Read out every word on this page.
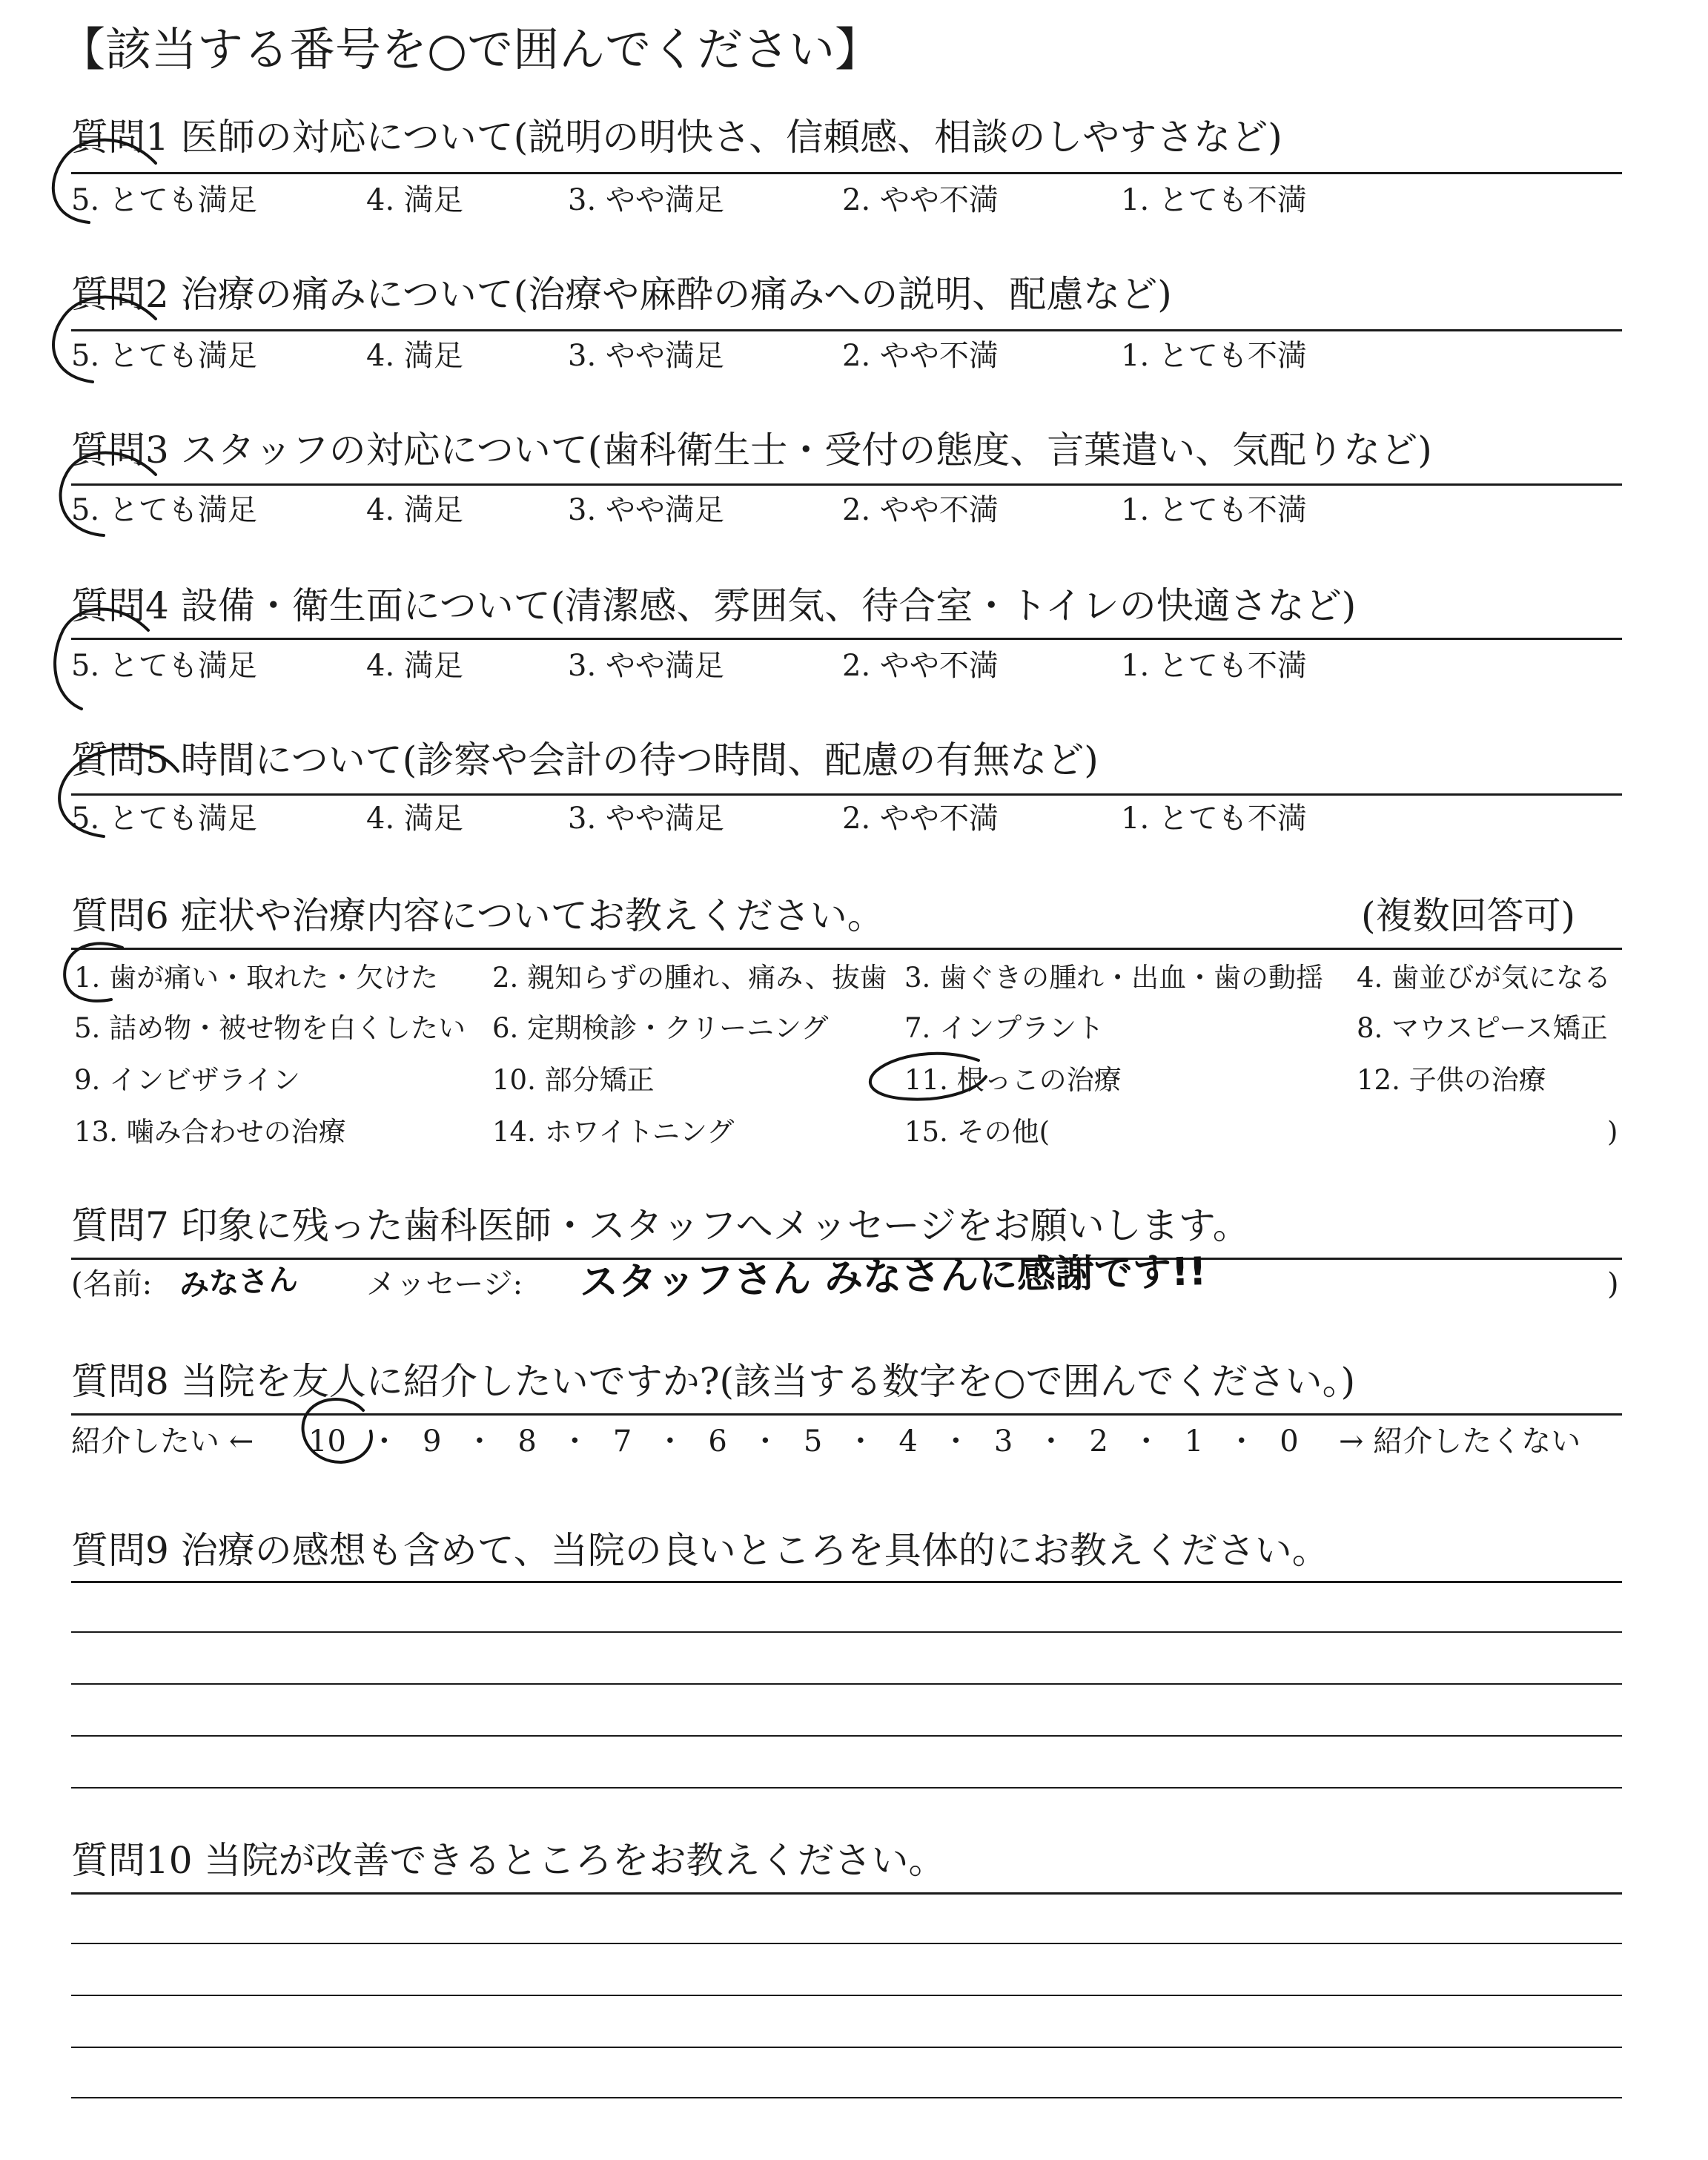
【該当する番号を○で囲んでください】
質問1 医師の対応について(説明の明快さ、信頼感、相談のしやすさなど)
5. とても満足	4. 満足	3. やや満足	2. やや不満	1. とても不満
質問2 治療の痛みについて(治療や麻酔の痛みへの説明、配慮など)
5. とても満足	4. 満足	3. やや満足	2. やや不満	1. とても不満
質問3 スタッフの対応について(歯科衛生士・受付の態度、言葉遣い、気配りなど)
5. とても満足	4. 満足	3. やや満足	2. やや不満	1. とても不満
質問4 設備・衛生面について(清潔感、雰囲気、待合室・トイレの快適さなど)
5. とても満足	4. 満足	3. やや満足	2. やや不満	1. とても不満
質問5 時間について(診察や会計の待つ時間、配慮の有無など)
5. とても満足	4. 満足	3. やや満足	2. やや不満	1. とても不満
質問6 症状や治療内容についてお教えください。	(複数回答可)
1. 歯が痛い・取れた・欠けた 2. 親知らずの腫れ、痛み、抜歯 3. 歯ぐきの腫れ・出血・歯の動揺 4. 歯並びが気になる
5. 詰め物・被せ物を白くしたい 6. 定期検診・クリーニング	7. インプラント	8. マウスピース矯正
9. インビザライン	10. 部分矯正	11. 根っこの治療	12. 子供の治療
13. 噛み合わせの治療	14. ホワイトニング	15. その他(	)
質問7 印象に残った歯科医師・スタッフへメッセージをお願いします。
(名前: みなさん メッセージ: スタッフさん みなさんに感謝です!!	)
質問8 当院を友人に紹介したいですか?(該当する数字を○で囲んでください。)
紹介したい ← 10 ・ 9 ・ 8 ・ 7 ・ 6 ・ 5 ・ 4 ・ 3 ・ 2 ・ 1 ・ 0 → 紹介したくない
質問9 治療の感想も含めて、当院の良いところを具体的にお教えください。
質問10 当院が改善できるところをお教えください。
